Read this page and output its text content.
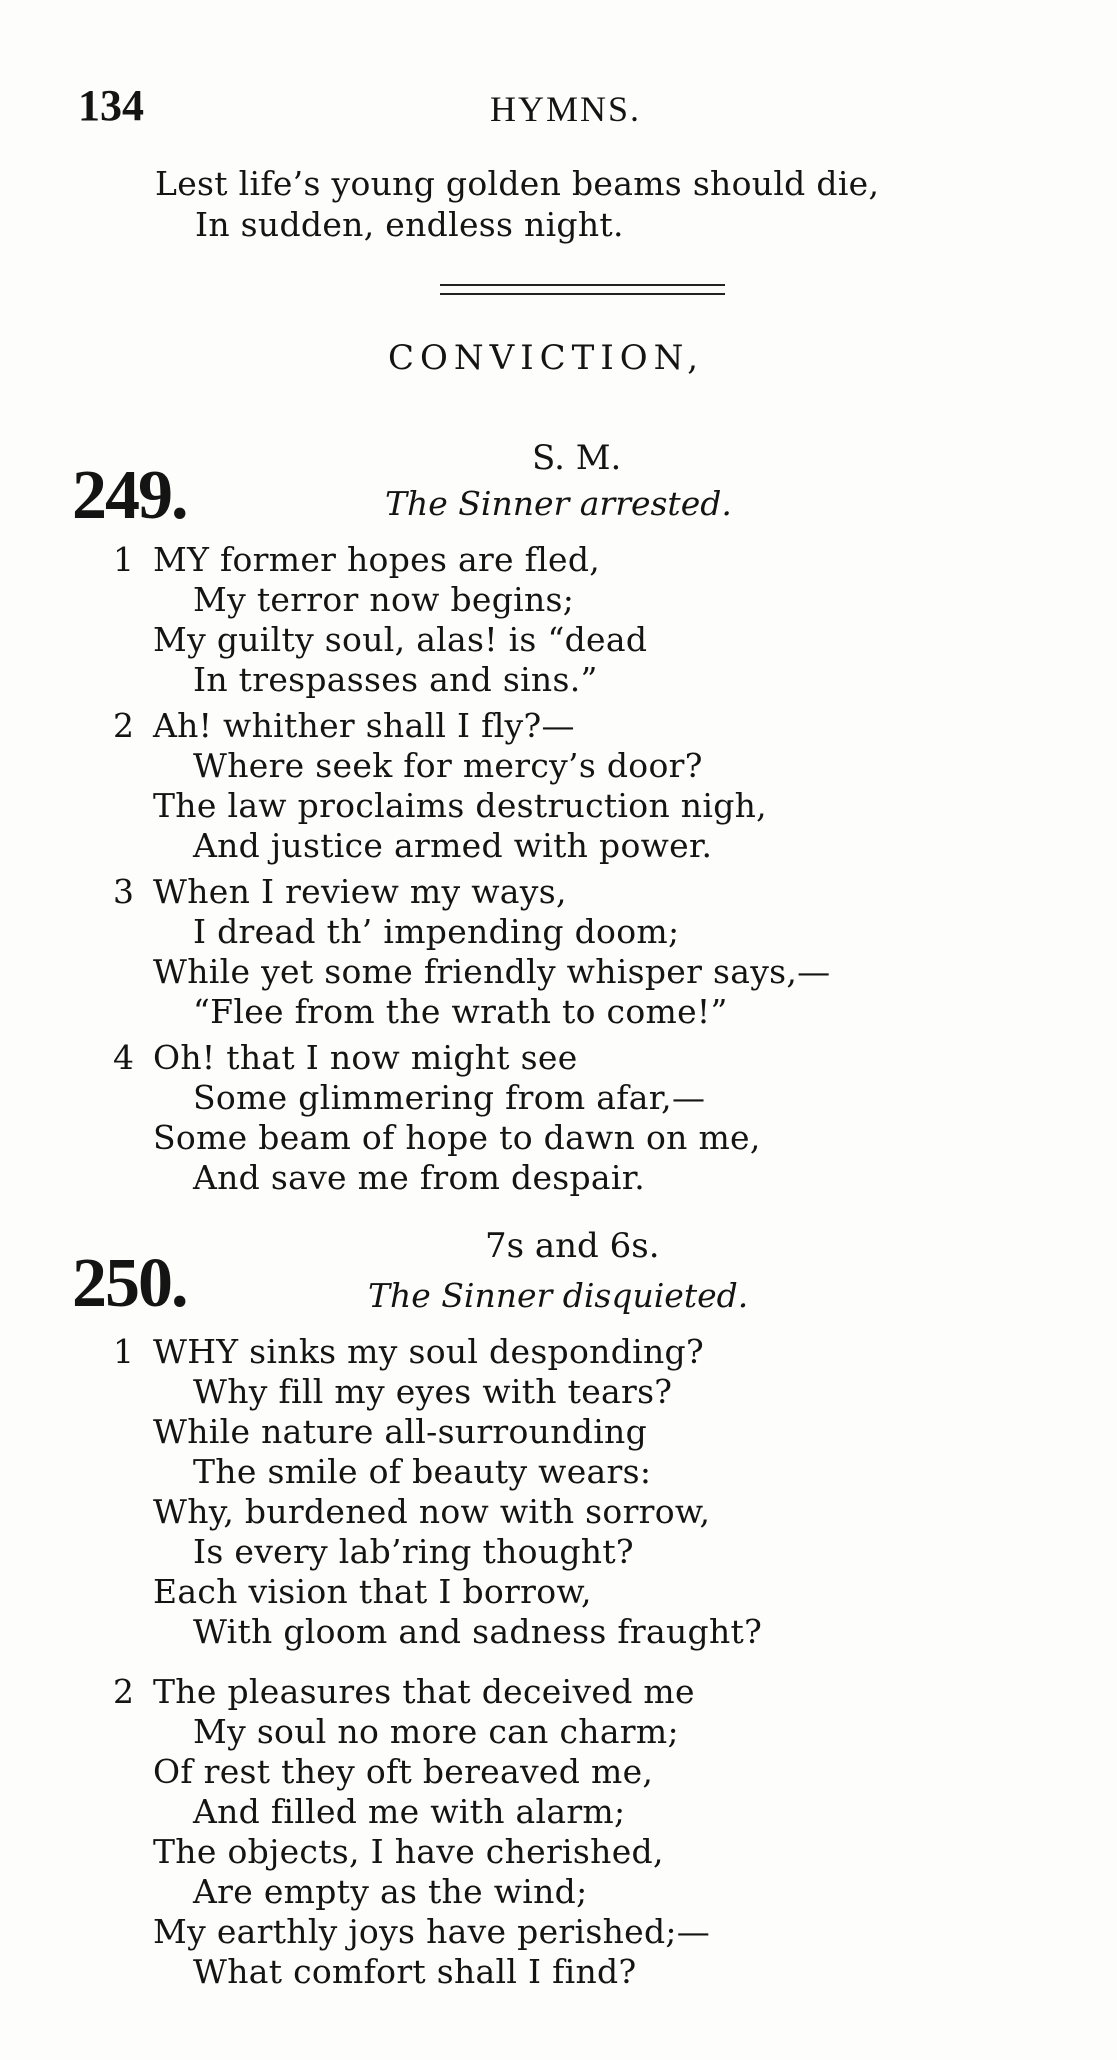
134	HYMNS.
Lest life’s young golden beams should die,
In sudden, endless night.
CONVICTION,
S. M.
249.	The Sinner arrested.
1 MY former hopes are fled,
My terror now begins;
My guilty soul, alas! is “dead
In trespasses and sins.”
2 Ah! whither shall I fly?—
Where seek for mercy’s door?
The law proclaims destruction nigh,
And justice armed with power.
3 When I review my ways,
I dread th’ impending doom;
While yet some friendly whisper says,—
“Flee from the wrath to come!”
4 Oh! that I now might see
Some glimmering from afar,—
Some beam of hope to dawn on me,
And save me from despair.
7s and 6s.
250.	The Sinner disquieted.
1 WHY sinks my soul desponding?
Why fill my eyes with tears?
While nature all-surrounding
The smile of beauty wears:
Why, burdened now with sorrow,
Is every lab’ring thought?
Each vision that I borrow,
With gloom and sadness fraught?
2 The pleasures that deceived me
My soul no more can charm;
Of rest they oft bereaved me,
And filled me with alarm;
The objects, I have cherished,
Are empty as the wind;
My earthly joys have perished;—
What comfort shall I find?
